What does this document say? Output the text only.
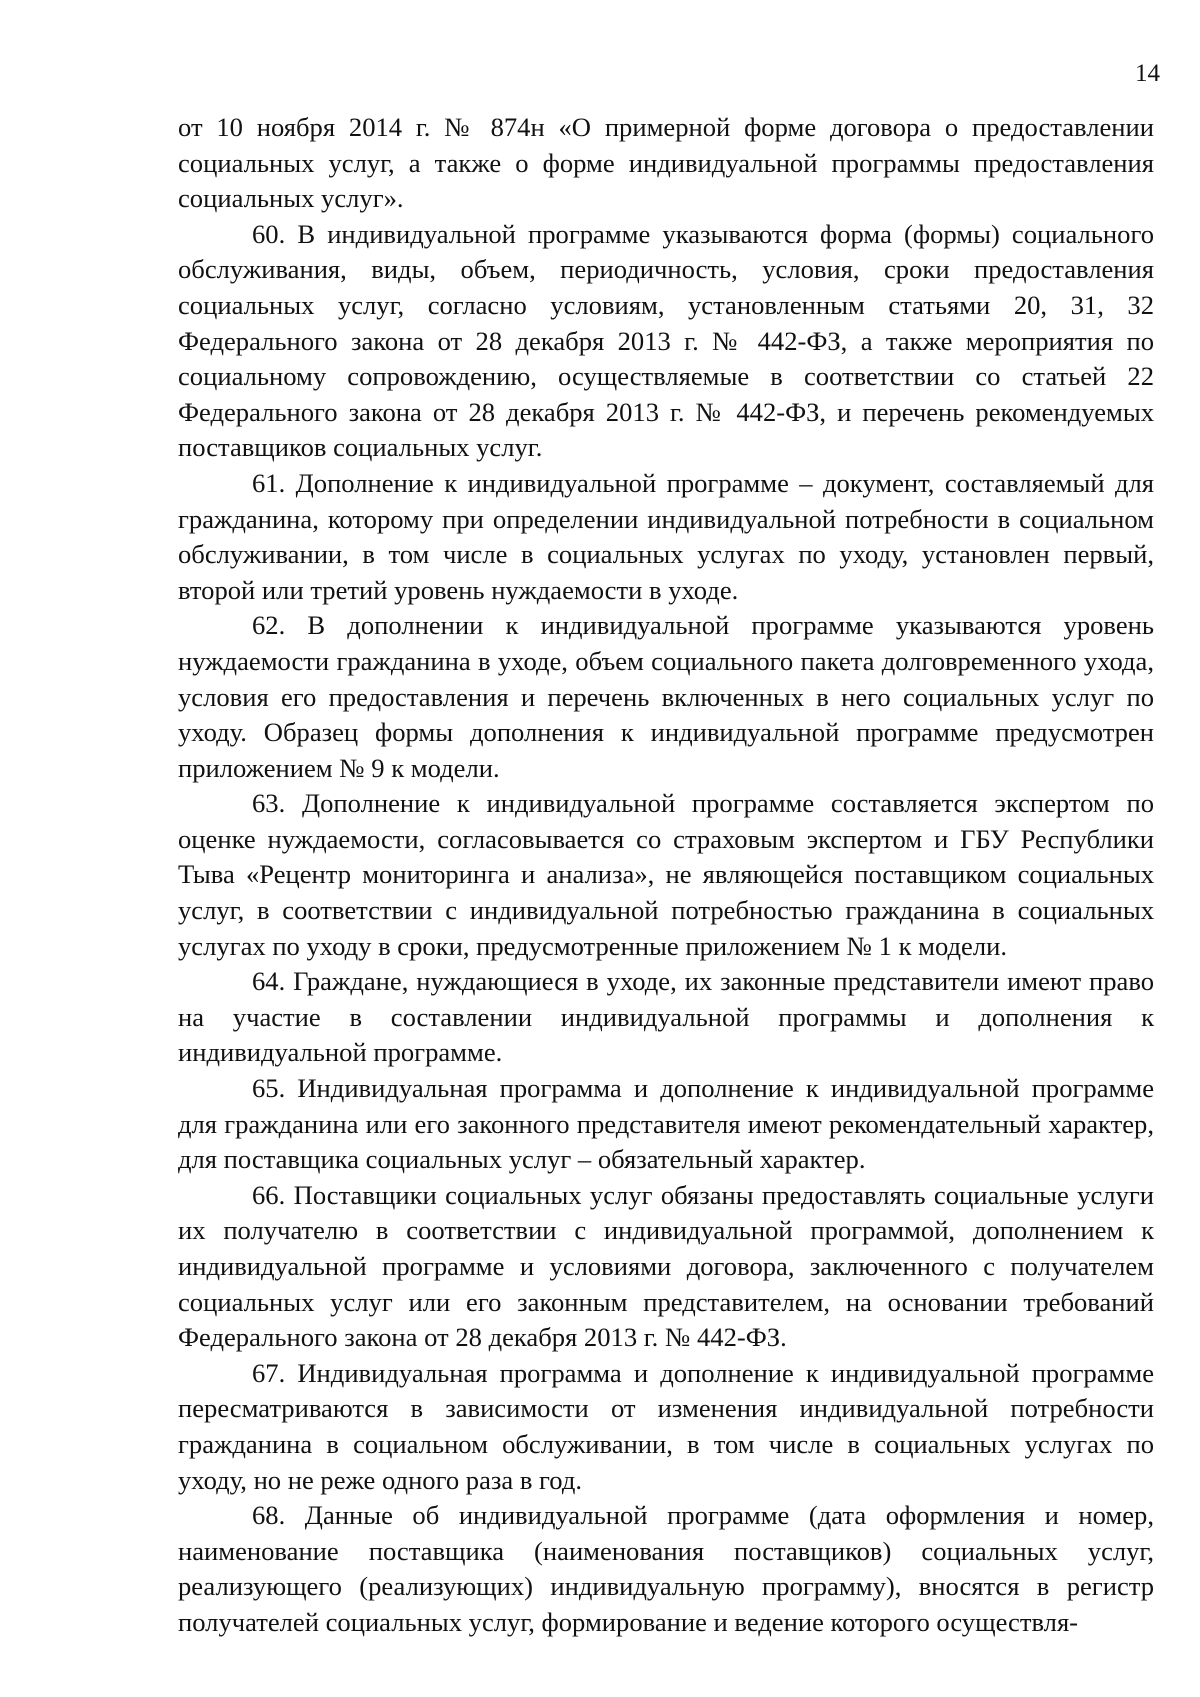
14

от 10 ноября 2014 г. № 874н «О примерной форме договора о предоставлении социальных услуг, а также о форме индивидуальной программы предоставления социальных услуг».

60. В индивидуальной программе указываются форма (формы) социального обслуживания, виды, объем, периодичность, условия, сроки предоставления социальных услуг, согласно условиям, установленным статьями 20, 31, 32 Федерального закона от 28 декабря 2013 г. № 442-ФЗ, а также мероприятия по социальному сопровождению, осуществляемые в соответствии со статьей 22 Федерального закона от 28 декабря 2013 г. № 442-ФЗ, и перечень рекомендуемых поставщиков социальных услуг.

61. Дополнение к индивидуальной программе – документ, составляемый для гражданина, которому при определении индивидуальной потребности в социальном обслуживании, в том числе в социальных услугах по уходу, установлен первый, второй или третий уровень нуждаемости в уходе.

62. В дополнении к индивидуальной программе указываются уровень нуждаемости гражданина в уходе, объем социального пакета долговременного ухода, условия его предоставления и перечень включенных в него социальных услуг по уходу. Образец формы дополнения к индивидуальной программе предусмотрен приложением № 9 к модели.

63. Дополнение к индивидуальной программе составляется экспертом по оценке нуждаемости, согласовывается со страховым экспертом и ГБУ Республики Тыва «Рецентр мониторинга и анализа», не являющейся поставщиком социальных услуг, в соответствии с индивидуальной потребностью гражданина в социальных услугах по уходу в сроки, предусмотренные приложением № 1 к модели.

64. Граждане, нуждающиеся в уходе, их законные представители имеют право на участие в составлении индивидуальной программы и дополнения к индивидуальной программе.

65. Индивидуальная программа и дополнение к индивидуальной программе для гражданина или его законного представителя имеют рекомендательный характер, для поставщика социальных услуг – обязательный характер.

66. Поставщики социальных услуг обязаны предоставлять социальные услуги их получателю в соответствии с индивидуальной программой, дополнением к индивидуальной программе и условиями договора, заключенного с получателем социальных услуг или его законным представителем, на основании требований Федерального закона от 28 декабря 2013 г. № 442-ФЗ.

67. Индивидуальная программа и дополнение к индивидуальной программе пересматриваются в зависимости от изменения индивидуальной потребности гражданина в социальном обслуживании, в том числе в социальных услугах по уходу, но не реже одного раза в год.

68. Данные об индивидуальной программе (дата оформления и номер, наименование поставщика (наименования поставщиков) социальных услуг, реализующего (реализующих) индивидуальную программу), вносятся в регистр получателей социальных услуг, формирование и ведение которого осуществля-
